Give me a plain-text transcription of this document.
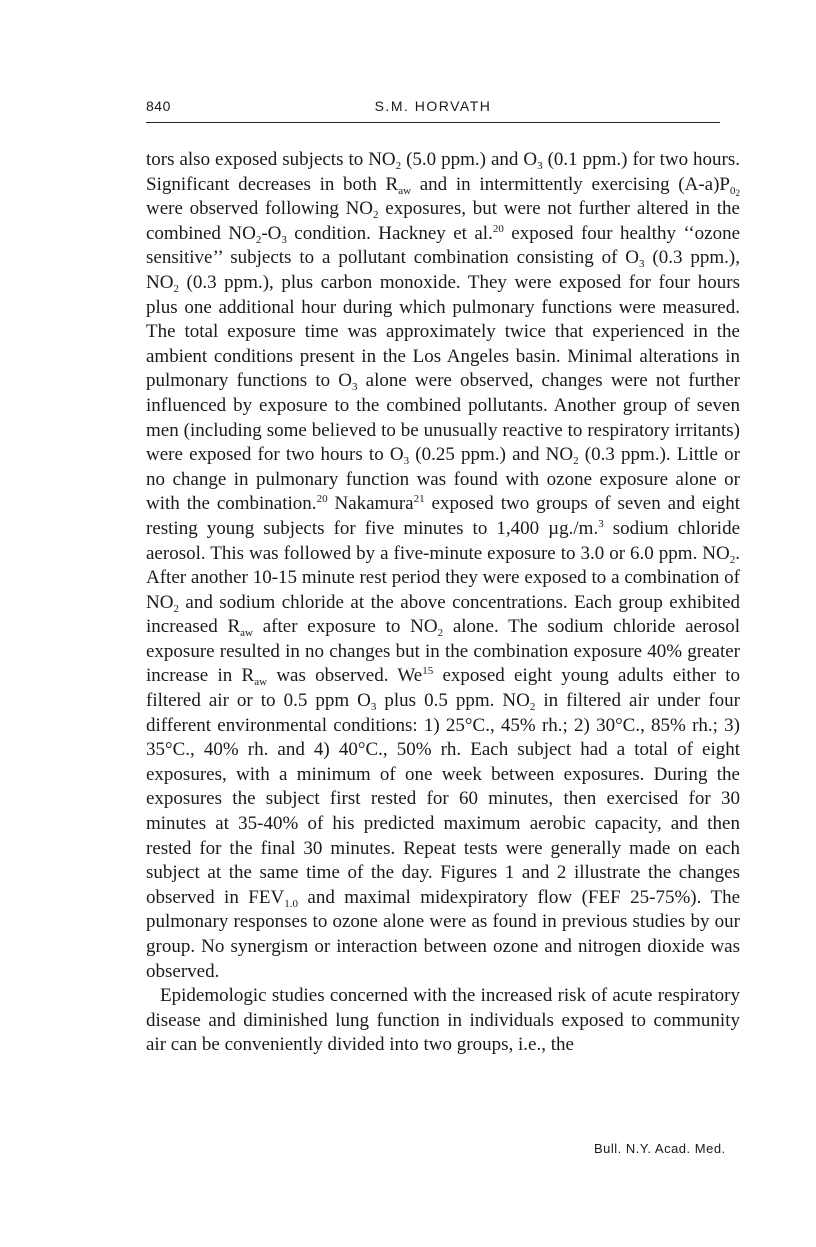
840	S.M. HORVATH

tors also exposed subjects to $NO_2$ (5.0 ppm.) and $O_3$ (0.1 ppm.) for two hours. Significant decreases in both $R_{aw}$ and in intermittently exercising $(A-a)P_{0_2}$ were observed following $NO_2$ exposures, but were not further altered in the combined $NO_2-O_3$ condition. Hackney et al.$^{20}$ exposed four healthy ‘‘ozone sensitive’’ subjects to a pollutant combination consisting of $O_3$ (0.3 ppm.), $NO_2$ (0.3 ppm.), plus carbon monoxide. They were exposed for four hours plus one additional hour during which pulmonary functions were measured. The total exposure time was approximately twice that experienced in the ambient conditions present in the Los Angeles basin. Minimal alterations in pulmonary functions to $O_3$ alone were observed, changes were not further influenced by exposure to the combined pollutants. Another group of seven men (including some believed to be unusually reactive to respiratory irritants) were exposed for two hours to $O_3$ (0.25 ppm.) and $NO_2$ (0.3 ppm.). Little or no change in pulmonary function was found with ozone exposure alone or with the combination.$^{20}$ Nakamura$^{21}$ exposed two groups of seven and eight resting young subjects for five minutes to 1,400 µg./m.$^3$ sodium chloride aerosol. This was followed by a five-minute exposure to 3.0 or 6.0 ppm. $NO_2$. After another 10-15 minute rest period they were exposed to a combination of $NO_2$ and sodium chloride at the above concentrations. Each group exhibited increased $R_{aw}$ after exposure to $NO_2$ alone. The sodium chloride aerosol exposure resulted in no changes but in the combination exposure 40% greater increase in $R_{aw}$ was observed. We$^{15}$ exposed eight young adults either to filtered air or to 0.5 ppm $O_3$ plus 0.5 ppm. $NO_2$ in filtered air under four different environmental conditions: 1) 25°C., 45% rh.; 2) 30°C., 85% rh.; 3) 35°C., 40% rh. and 4) 40°C., 50% rh. Each subject had a total of eight exposures, with a minimum of one week between exposures. During the exposures the subject first rested for 60 minutes, then exercised for 30 minutes at 35-40% of his predicted maximum aerobic capacity, and then rested for the final 30 minutes. Repeat tests were generally made on each subject at the same time of the day. Figures 1 and 2 illustrate the changes observed in $FEV_{1.0}$ and maximal midexpiratory flow (FEF 25-75%). The pulmonary responses to ozone alone were as found in previous studies by our group. No synergism or interaction between ozone and nitrogen dioxide was observed.

Epidemologic studies concerned with the increased risk of acute respiratory disease and diminished lung function in individuals exposed to community air can be conveniently divided into two groups, i.e., the

Bull. N.Y. Acad. Med.
